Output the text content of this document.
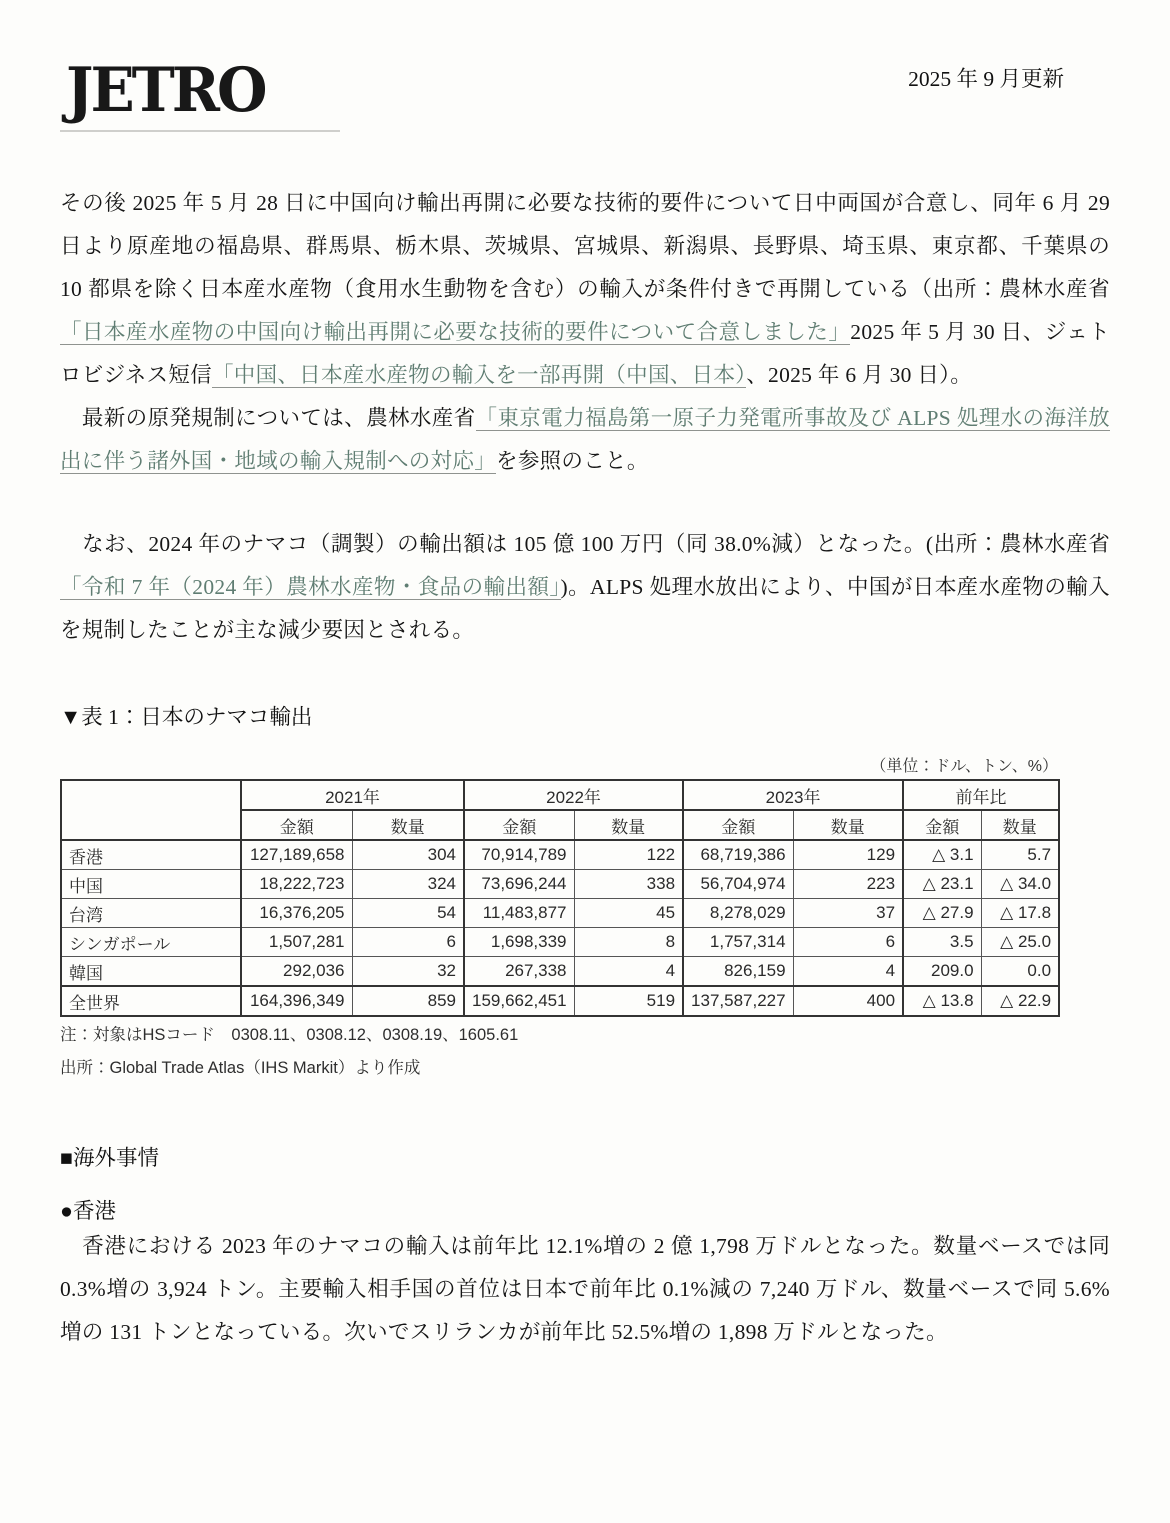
JETRO	2025 年 9 月更新

その後 2025 年 5 月 28 日に中国向け輸出再開に必要な技術的要件について日中両国が合意し、同年 6 月 29 日より原産地の福島県、群馬県、栃木県、茨城県、宮城県、新潟県、長野県、埼玉県、東京都、千葉県の 10 都県を除く日本産水産物（食用水生動物を含む）の輸入が条件付きで再開している（出所：農林水産省「日本産水産物の中国向け輸出再開に必要な技術的要件について合意しました」2025 年 5 月 30 日、ジェトロビジネス短信「中国、日本産水産物の輸入を一部再開（中国、日本）、2025 年 6 月 30 日）。

　最新の原発規制については、農林水産省「東京電力福島第一原子力発電所事故及び ALPS 処理水の海洋放出に伴う諸外国・地域の輸入規制への対応」を参照のこと。

　なお、2024 年のナマコ（調製）の輸出額は 105 億 100 万円（同 38.0%減）となった。(出所：農林水産省「令和 7 年（2024 年）農林水産物・食品の輸出額」)。ALPS 処理水放出により、中国が日本産水産物の輸入を規制したことが主な減少要因とされる。

▼表 1：日本のナマコ輸出
（単位：ドル、トン、%）
	2021年		2022年		2023年		前年比	
	金額	数量	金額	数量	金額	数量	金額	数量
香港	127,189,658	304	70,914,789	122	68,719,386	129	△ 3.1	5.7
中国	18,222,723	324	73,696,244	338	56,704,974	223	△ 23.1	△ 34.0
台湾	16,376,205	54	11,483,877	45	8,278,029	37	△ 27.9	△ 17.8
シンガポール	1,507,281	6	1,698,339	8	1,757,314	6	3.5	△ 25.0
韓国	292,036	32	267,338	4	826,159	4	209.0	0.0
全世界	164,396,349	859	159,662,451	519	137,587,227	400	△ 13.8	△ 22.9
注：対象はHSコード　0308.11、0308.12、0308.19、1605.61
出所：Global Trade Atlas（IHS Markit）より作成
■海外事情
●香港

　香港における 2023 年のナマコの輸入は前年比 12.1%増の 2 億 1,798 万ドルとなった。数量ベースでは同 0.3%増の 3,924 トン。主要輸入相手国の首位は日本で前年比 0.1%減の 7,240 万ドル、数量ベースで同 5.6%増の 131 トンとなっている。次いでスリランカが前年比 52.5%増の 1,898 万ドルとなった。
